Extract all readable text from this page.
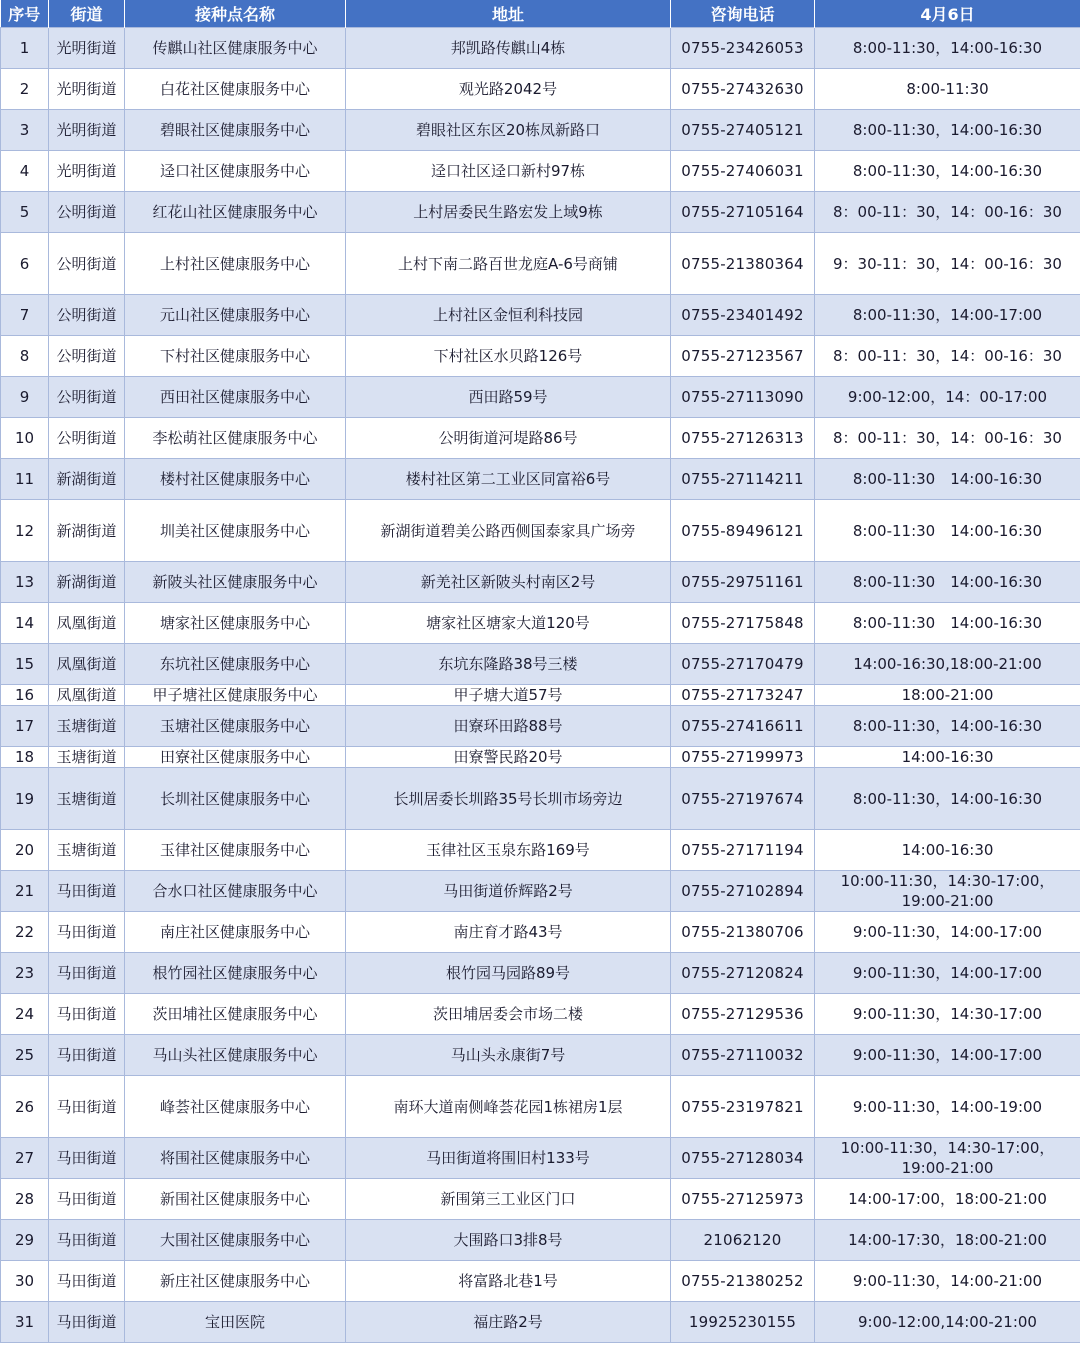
序号	街道	接种点名称	地址	咨询电话	4月6日
1	光明街道	传麒山社区健康服务中心	邦凯路传麒山4栋	0755-23426053	8:00-11:30，14:00-16:30
2	光明街道	白花社区健康服务中心	观光路2042号	0755-27432630	8:00-11:30
3	光明街道	碧眼社区健康服务中心	碧眼社区东区20栋凤新路口	0755-27405121	8:00-11:30，14:00-16:30
4	光明街道	迳口社区健康服务中心	迳口社区迳口新村97栋	0755-27406031	8:00-11:30，14:00-16:30
5	公明街道	红花山社区健康服务中心	上村居委民生路宏发上域9栋	0755-27105164	8：00-11：30，14：00-16：30
6	公明街道	上村社区健康服务中心	上村下南二路百世龙庭A-6号商铺	0755-21380364	9：30-11：30，14：00-16：30
7	公明街道	元山社区健康服务中心	上村社区金恒利科技园	0755-23401492	8:00-11:30，14:00-17:00
8	公明街道	下村社区健康服务中心	下村社区水贝路126号	0755-27123567	8：00-11：30，14：00-16：30
9	公明街道	西田社区健康服务中心	西田路59号	0755-27113090	9:00-12:00，14：00-17:00
10	公明街道	李松萌社区健康服务中心	公明街道河堤路86号	0755-27126313	8：00-11：30，14：00-16：30
11	新湖街道	楼村社区健康服务中心	楼村社区第二工业区同富裕6号	0755-27114211	8:00-11:30　14:00-16:30
12	新湖街道	圳美社区健康服务中心	新湖街道碧美公路西侧国泰家具广场旁	0755-89496121	8:00-11:30　14:00-16:30
13	新湖街道	新陂头社区健康服务中心	新羌社区新陂头村南区2号	0755-29751161	8:00-11:30　14:00-16:30
14	凤凰街道	塘家社区健康服务中心	塘家社区塘家大道120号	0755-27175848	8:00-11:30　14:00-16:30
15	凤凰街道	东坑社区健康服务中心	东坑东隆路38号三楼	0755-27170479	14:00-16:30,18:00-21:00
16	凤凰街道	甲子塘社区健康服务中心	甲子塘大道57号	0755-27173247	18:00-21:00
17	玉塘街道	玉塘社区健康服务中心	田寮环田路88号	0755-27416611	8:00-11:30，14:00-16:30
18	玉塘街道	田寮社区健康服务中心	田寮警民路20号	0755-27199973	14:00-16:30
19	玉塘街道	长圳社区健康服务中心	长圳居委长圳路35号长圳市场旁边	0755-27197674	8:00-11:30，14:00-16:30
20	玉塘街道	玉律社区健康服务中心	玉律社区玉泉东路169号	0755-27171194	14:00-16:30
21	马田街道	合水口社区健康服务中心	马田街道侨辉路2号	0755-27102894	10:00-11:30，14:30-17:00，19:00-21:00
22	马田街道	南庄社区健康服务中心	南庄育才路43号	0755-21380706	9:00-11:30，14:00-17:00
23	马田街道	根竹园社区健康服务中心	根竹园马园路89号	0755-27120824	9:00-11:30，14:00-17:00
24	马田街道	茨田埔社区健康服务中心	茨田埔居委会市场二楼	0755-27129536	9:00-11:30，14:30-17:00
25	马田街道	马山头社区健康服务中心	马山头永康街7号	0755-27110032	9:00-11:30，14:00-17:00
26	马田街道	峰荟社区健康服务中心	南环大道南侧峰荟花园1栋裙房1层	0755-23197821	9:00-11:30，14:00-19:00
27	马田街道	将围社区健康服务中心	马田街道将围旧村133号	0755-27128034	10:00-11:30，14:30-17:00，19:00-21:00
28	马田街道	新围社区健康服务中心	新围第三工业区门口	0755-27125973	14:00-17:00，18:00-21:00
29	马田街道	大围社区健康服务中心	大围路口3排8号	21062120	14:00-17:30，18:00-21:00
30	马田街道	新庄社区健康服务中心	将富路北巷1号	0755-21380252	9:00-11:30，14:00-21:00
31	马田街道	宝田医院	福庄路2号	19925230155	9:00-12:00,14:00-21:00
